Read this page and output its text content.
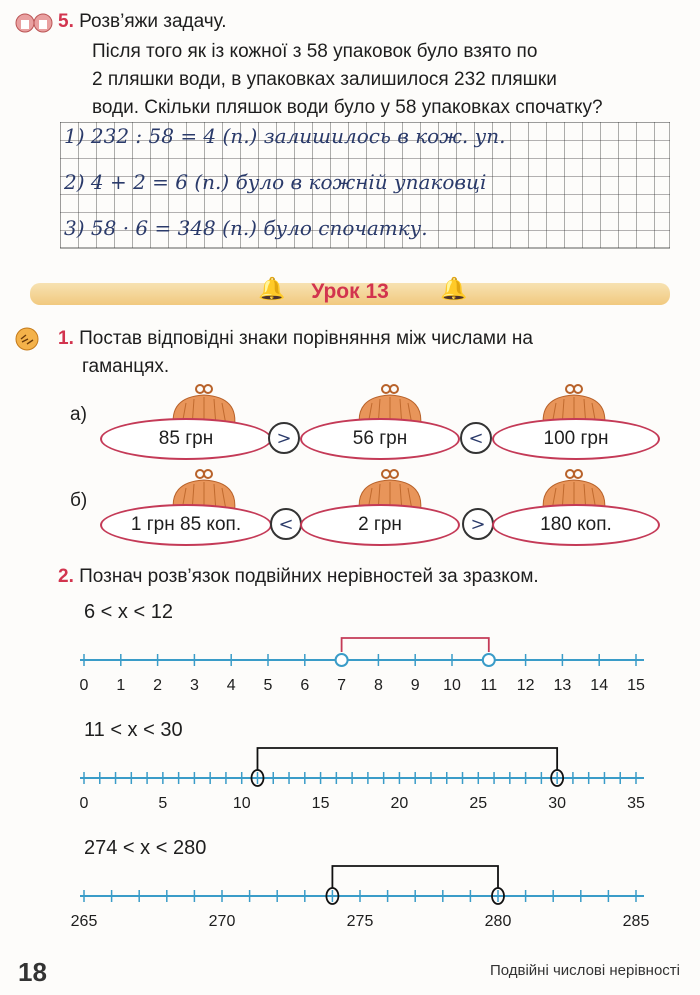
5. Розв’яжи задачу.
Після того як із кожної з 58 упаковок було взято по
2 пляшки води, в упаковках залишилося 232 пляшки
води. Скільки пляшок води було у 58 упаковках спочатку?
1) 232 : 58 = 4 (п.) залишилось в кож. уп.
2) 4 + 2 = 6 (п.) було в кожній упаковці
3) 58 · 6 = 348 (п.) було спочатку.
🔔	🔔
Урок 13
1. Постав відповідні знаки порівняння між числами на
гаманцях.
а)
85 грн	>	56 грн	<	100 грн
б)
1 грн 85 коп.	<	2 грн	>	180 коп.
2. Познач розв’язок подвійних нерівностей за зразком.
6 < x < 12
11 < x < 30
274 < x < 280
0 1 2 3 4 5 6 7 8 9 10 11 12 13 14 15
0	5	10	15	20	25	30	35
265	270	275	280	285
18	Подвійні числові нерівності
